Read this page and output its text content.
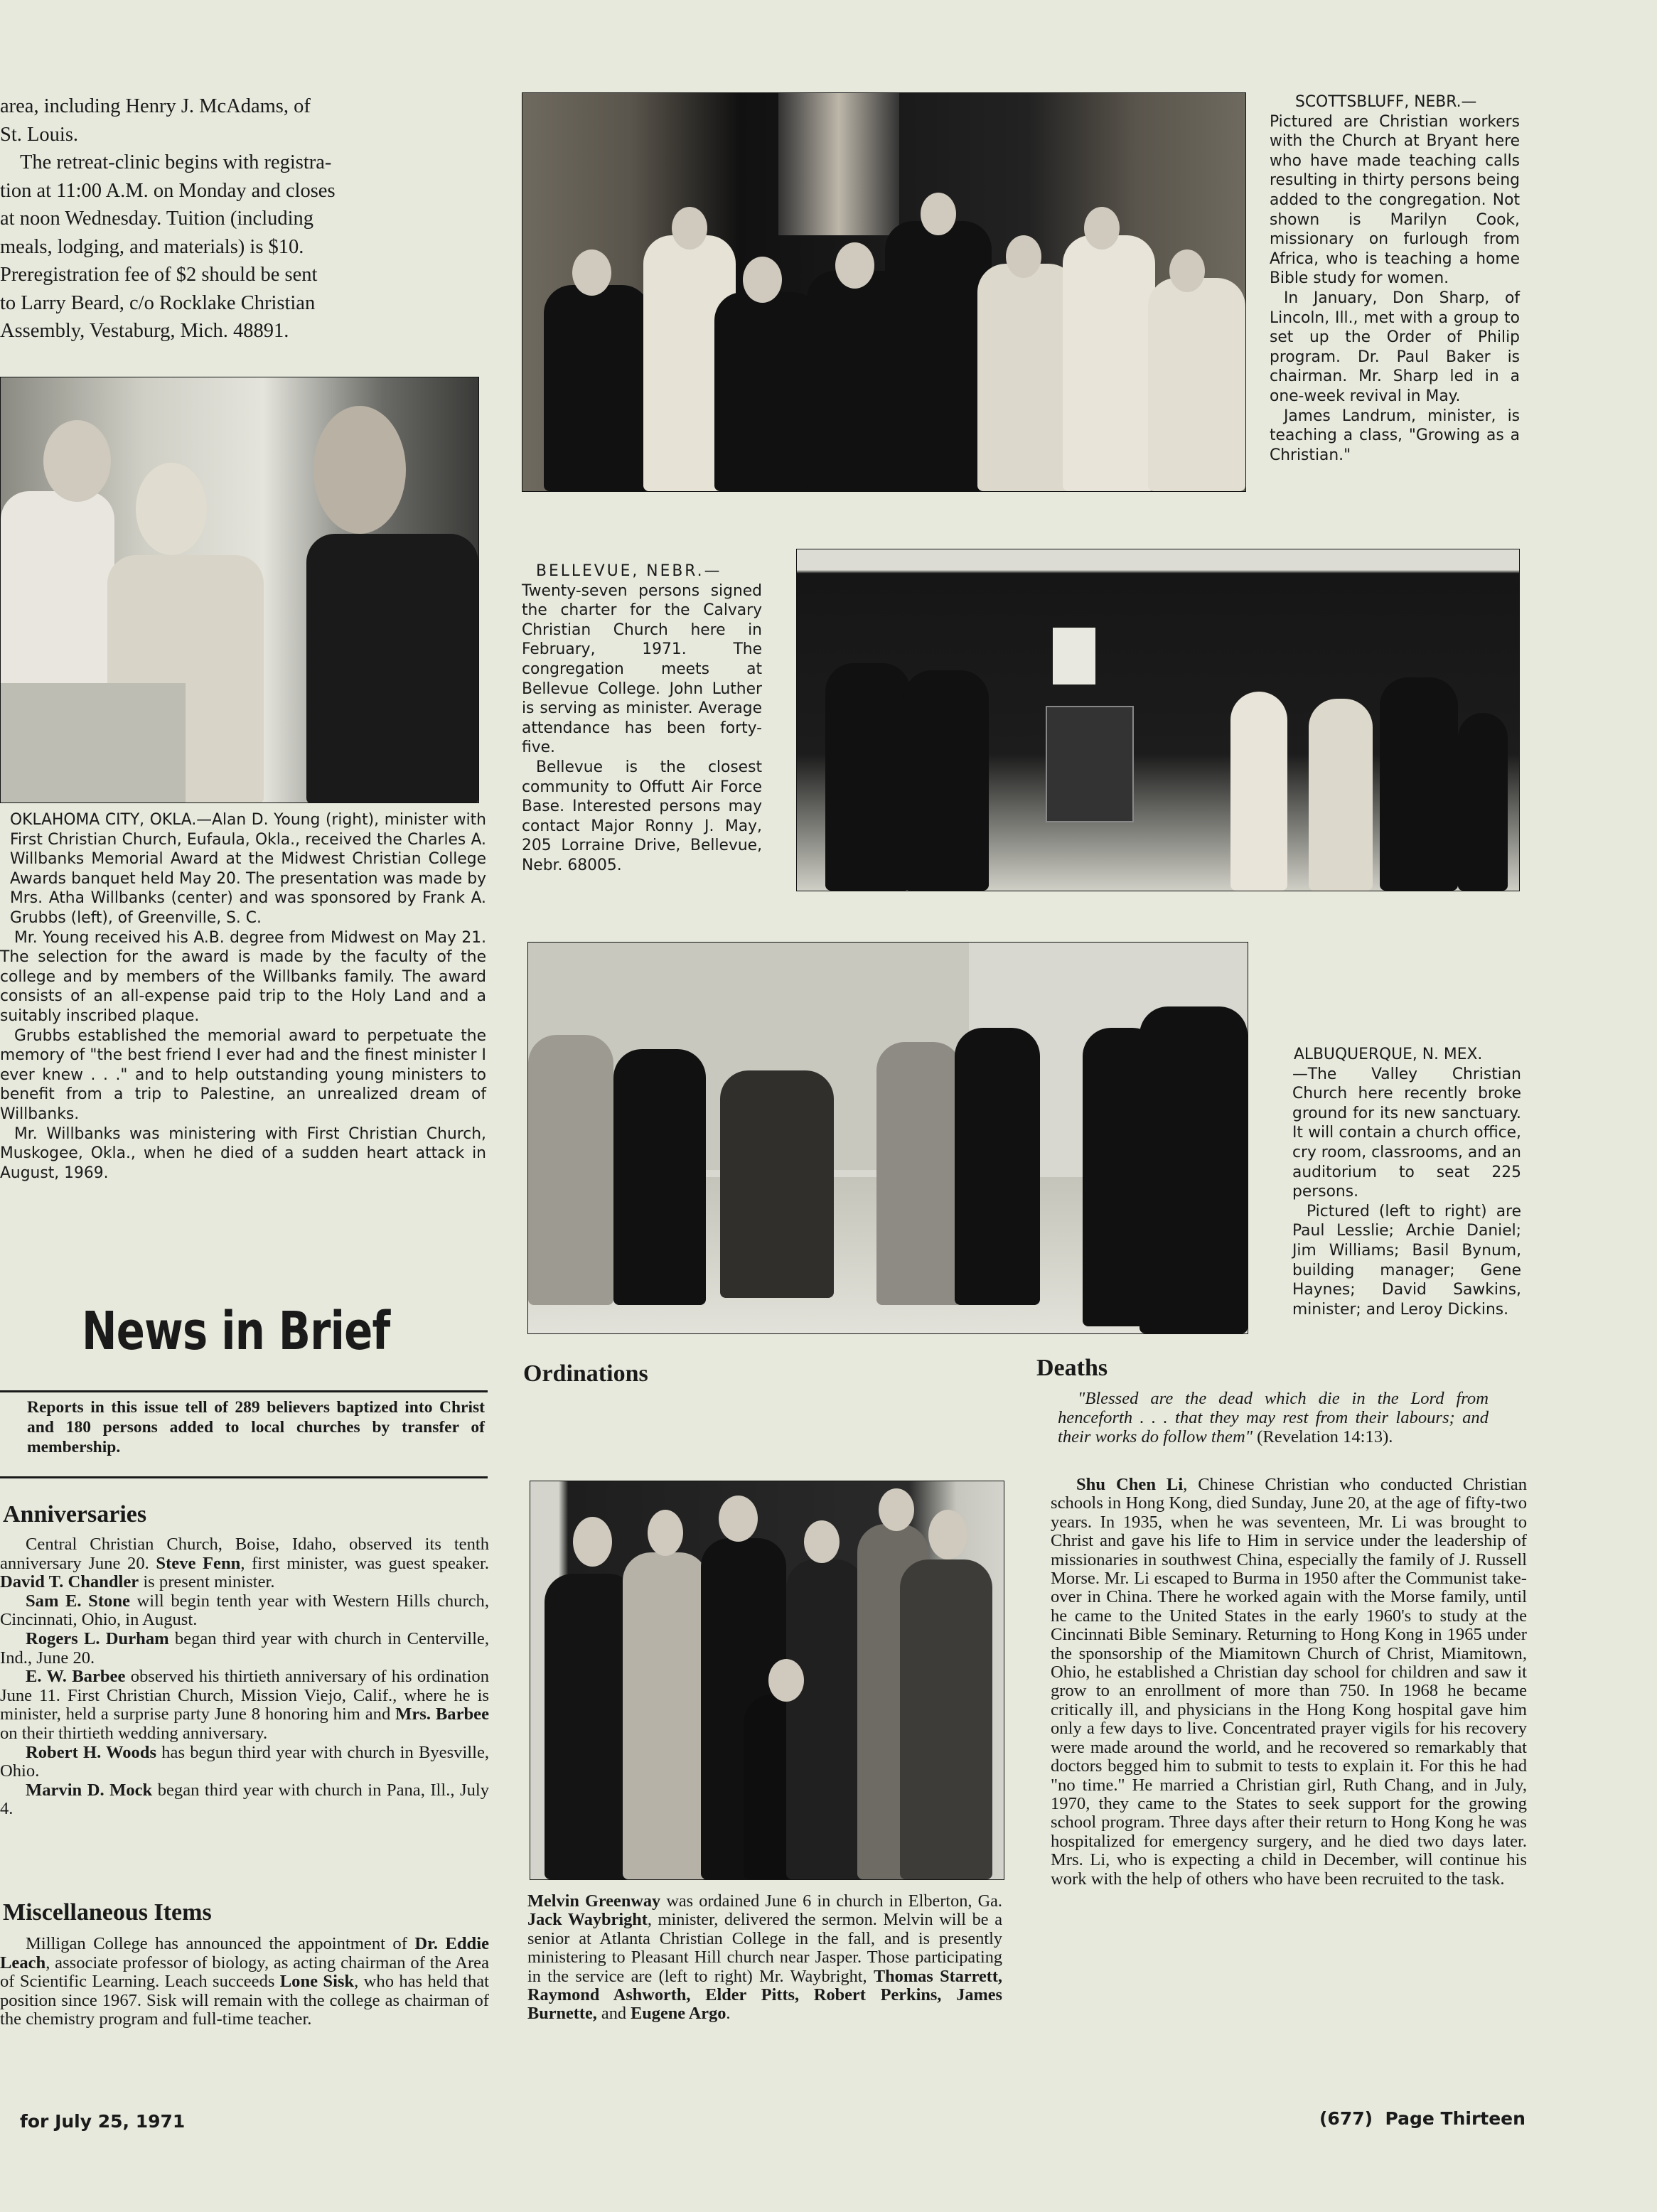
area, including Henry J. McAdams, of
St. Louis.
The retreat-clinic begins with registra-
tion at 11:00 A.M. on Monday and closes
at noon Wednesday. Tuition (including
meals, lodging, and materials) is $10.
Preregistration fee of $2 should be sent
to Larry Beard, c/o Rocklake Christian
Assembly, Vestaburg, Mich. 48891.

OKLAHOMA CITY, OKLA.—Alan D. Young (right), minister with First Christian Church, Eufaula, Okla., received the Charles A. Willbanks Memorial Award at the Midwest Christian College Awards banquet held May 20. The presentation was made by Mrs. Atha Willbanks (center) and was sponsored by Frank A. Grubbs (left), of Greenville, S. C.

Mr. Young received his A.B. degree from Midwest on May 21. The selection for the award is made by the faculty of the college and by members of the Willbanks family. The award consists of an all-expense paid trip to the Holy Land and a suitably inscribed plaque.

Grubbs established the memorial award to perpetuate the memory of "the best friend I ever had and the finest minister I ever knew . . ." and to help outstanding young ministers to benefit from a trip to Palestine, an unrealized dream of Willbanks.

Mr. Willbanks was ministering with First Christian Church, Muskogee, Okla., when he died of a sudden heart attack in August, 1969.

News in Brief
Reports in this issue tell of 289 believers baptized into Christ and 180 persons added to local churches by transfer of membership.
Anniversaries

Central Christian Church, Boise, Idaho, observed its tenth anniversary June 20. Steve Fenn, first minister, was guest speaker. David T. Chandler is present minister.

Sam E. Stone will begin tenth year with Western Hills church, Cincinnati, Ohio, in August.

Rogers L. Durham began third year with church in Centerville, Ind., June 20.

E. W. Barbee observed his thirtieth anniversary of his ordination June 11. First Christian Church, Mission Viejo, Calif., where he is minister, held a surprise party June 8 honoring him and Mrs. Barbee on their thirtieth wedding anniversary.

Robert H. Woods has begun third year with church in Byesville, Ohio.

Marvin D. Mock began third year with church in Pana, Ill., July 4.

Miscellaneous Items

Milligan College has announced the appointment of Dr. Eddie Leach, associate professor of biology, as acting chairman of the Area of Scientific Learning. Leach succeeds Lone Sisk, who has held that position since 1967. Sisk will remain with the college as chairman of the chemistry program and full-time teacher.

SCOTTSBLUFF, NEBR.—

Pictured are Christian workers with the Church at Bryant here who have made teaching calls resulting in thirty persons being added to the congregation. Not shown is Marilyn Cook, missionary on furlough from Africa, who is teaching a home Bible study for women.

In January, Don Sharp, of Lincoln, Ill., met with a group to set up the Order of Philip program. Dr. Paul Baker is chairman. Mr. Sharp led in a one-week revival in May.

James Landrum, minister, is teaching a class, "Growing as a Christian."

BELLEVUE, NEBR.—

Twenty-seven persons signed the charter for the Calvary Christian Church here in February, 1971. The congregation meets at Bellevue College. John Luther is serving as minister. Average attendance has been forty-five.

Bellevue is the closest community to Offutt Air Force Base. Interested persons may contact Major Ronny J. May, 205 Lorraine Drive, Bellevue, Nebr. 68005.

ALBUQUERQUE, N. MEX.

—The Valley Christian Church here recently broke ground for its new sanctuary. It will contain a church office, cry room, classrooms, and an auditorium to seat 225 persons.

Pictured (left to right) are Paul Lesslie; Archie Daniel; Jim Williams; Basil Bynum, building manager; Gene Haynes; David Sawkins, minister; and Leroy Dickins.

Ordinations

Melvin Greenway was ordained June 6 in church in Elberton, Ga. Jack Waybright, minister, delivered the sermon. Melvin will be a senior at Atlanta Christian College in the fall, and is presently ministering to Pleasant Hill church near Jasper. Those participating in the service are (left to right) Mr. Waybright, Thomas Starrett, Raymond Ashworth, Elder Pitts, Robert Perkins, James Burnette, and Eugene Argo.

Deaths
"Blessed are the dead which die in the Lord from henceforth . . . that they may rest from their labours; and their works do follow them" (Revelation 14:13).

Shu Chen Li, Chinese Christian who conducted Christian schools in Hong Kong, died Sunday, June 20, at the age of fifty-two years. In 1935, when he was seventeen, Mr. Li was brought to Christ and gave his life to Him in service under the leadership of missionaries in southwest China, especially the family of J. Russell Morse. Mr. Li escaped to Burma in 1950 after the Communist take-over in China. There he worked again with the Morse family, until he came to the United States in the early 1960's to study at the Cincinnati Bible Seminary. Returning to Hong Kong in 1965 under the sponsorship of the Miamitown Church of Christ, Miamitown, Ohio, he established a Christian day school for children and saw it grow to an enrollment of more than 750. In 1968 he became critically ill, and physicians in the Hong Kong hospital gave him only a few days to live. Concentrated prayer vigils for his recovery were made around the world, and he recovered so remarkably that doctors begged him to submit to tests to explain it. For this he had "no time." He married a Christian girl, Ruth Chang, and in July, 1970, they came to the States to seek support for the growing school program. Three days after their return to Hong Kong he was hospitalized for emergency surgery, and he died two days later. Mrs. Li, who is expecting a child in December, will continue his work with the help of others who have been recruited to the task.

for July 25, 1971	(677)  Page Thirteen
